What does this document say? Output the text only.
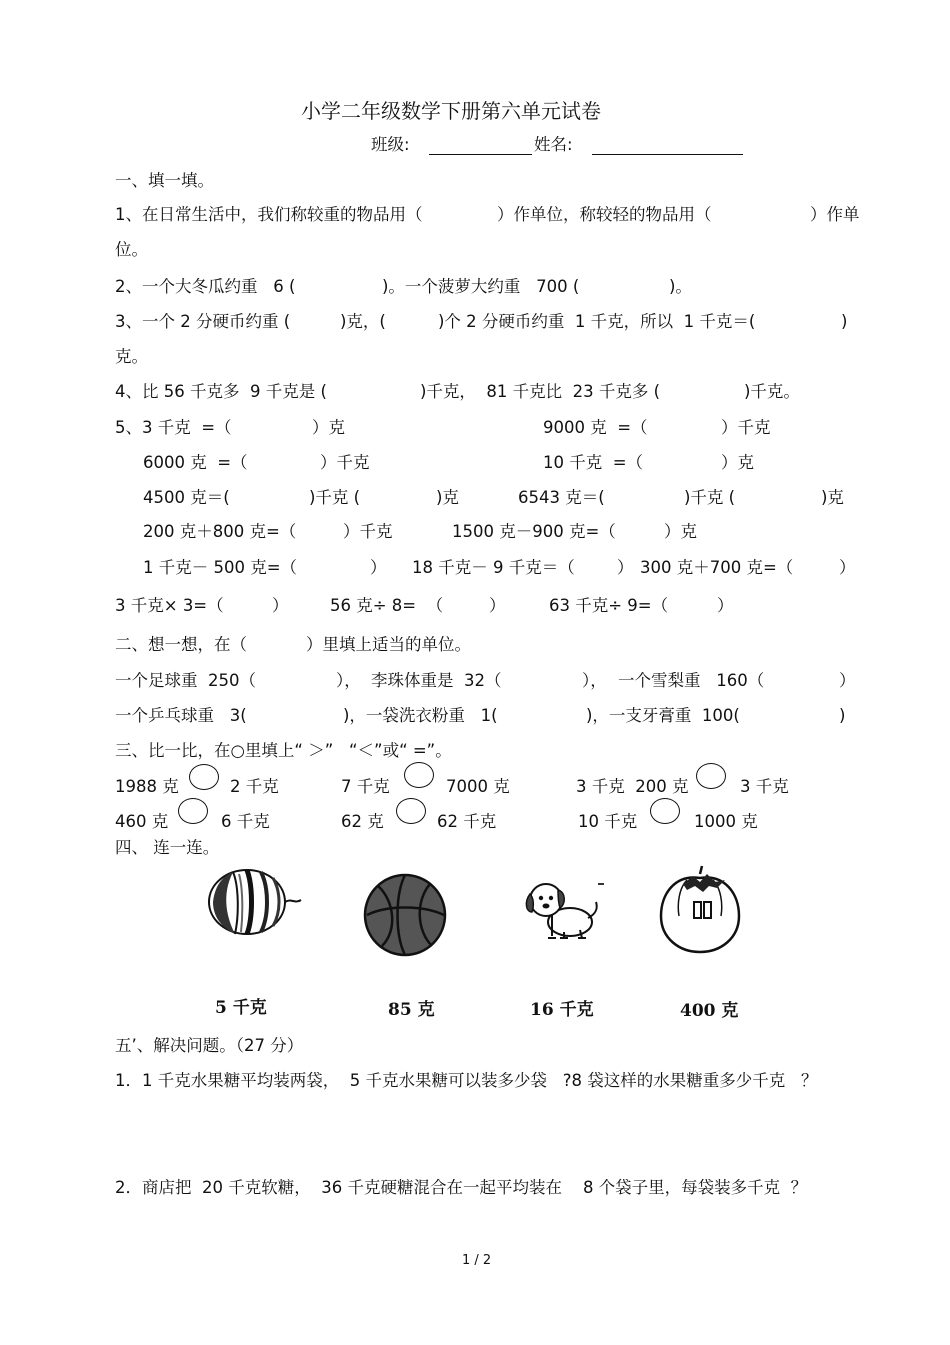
小学二年级数学下册第六单元试卷
班级:	姓名:
一、填一填。
1、在日常生活中，我们称较重的物品用（	）作单位，称较轻的物品用（	）作单
位。
2、一个大冬瓜约重   6 (	)。一个菠萝大约重   700 (	)。
3、一个 2 分硬币约重 (	)克，(	)个 2 分硬币约重  1 千克，所以  1 千克＝(	)
克。
4、比 56 千克多  9 千克是 (	)千克，  81 千克比  23 千克多 (	)千克。
5、3 千克  =（	）克	9000 克  =（	）千克
6000 克  =（	）千克	10 千克  =（	）克
4500 克＝(	)千克 (	)克	6543 克＝(	)千克 (	)克
200 克＋800 克=（	）千克	1500 克－900 克=（	）克
1 千克－ 500 克=（	） 18 千克－ 9 千克＝（	） 300 克＋700 克=（	）
3 千克× 3=（	）	56 克÷ 8=  （	）	63 千克÷ 9=（	）
二、想一想，在（	）里填上适当的单位。
一个足球重  250（	）， 李珠体重是  32（	）， 一个雪梨重   160（	）
一个乒乓球重   3(	)，一袋洗衣粉重   1(	)，一支牙膏重  100(	)
三、比一比，在○里填上“ ＞”   “＜”或“ =”。
1988 克	2 千克	7 千克	7000 克	3 千克  200 克	3 千克
460 克	6 千克	62 克	62 千克	10 千克	1000 克
四、 连一连。
5 千克	85 克	16 千克	400 克
五’、解决问题。（27 分）
1．1 千克水果糖平均装两袋，  5 千克水果糖可以装多少袋   ?8 袋这样的水果糖重多少千克   ？
2．商店把  20 千克软糖，  36 千克硬糖混合在一起平均装在    8 个袋子里，每袋装多千克  ？
1 / 2
